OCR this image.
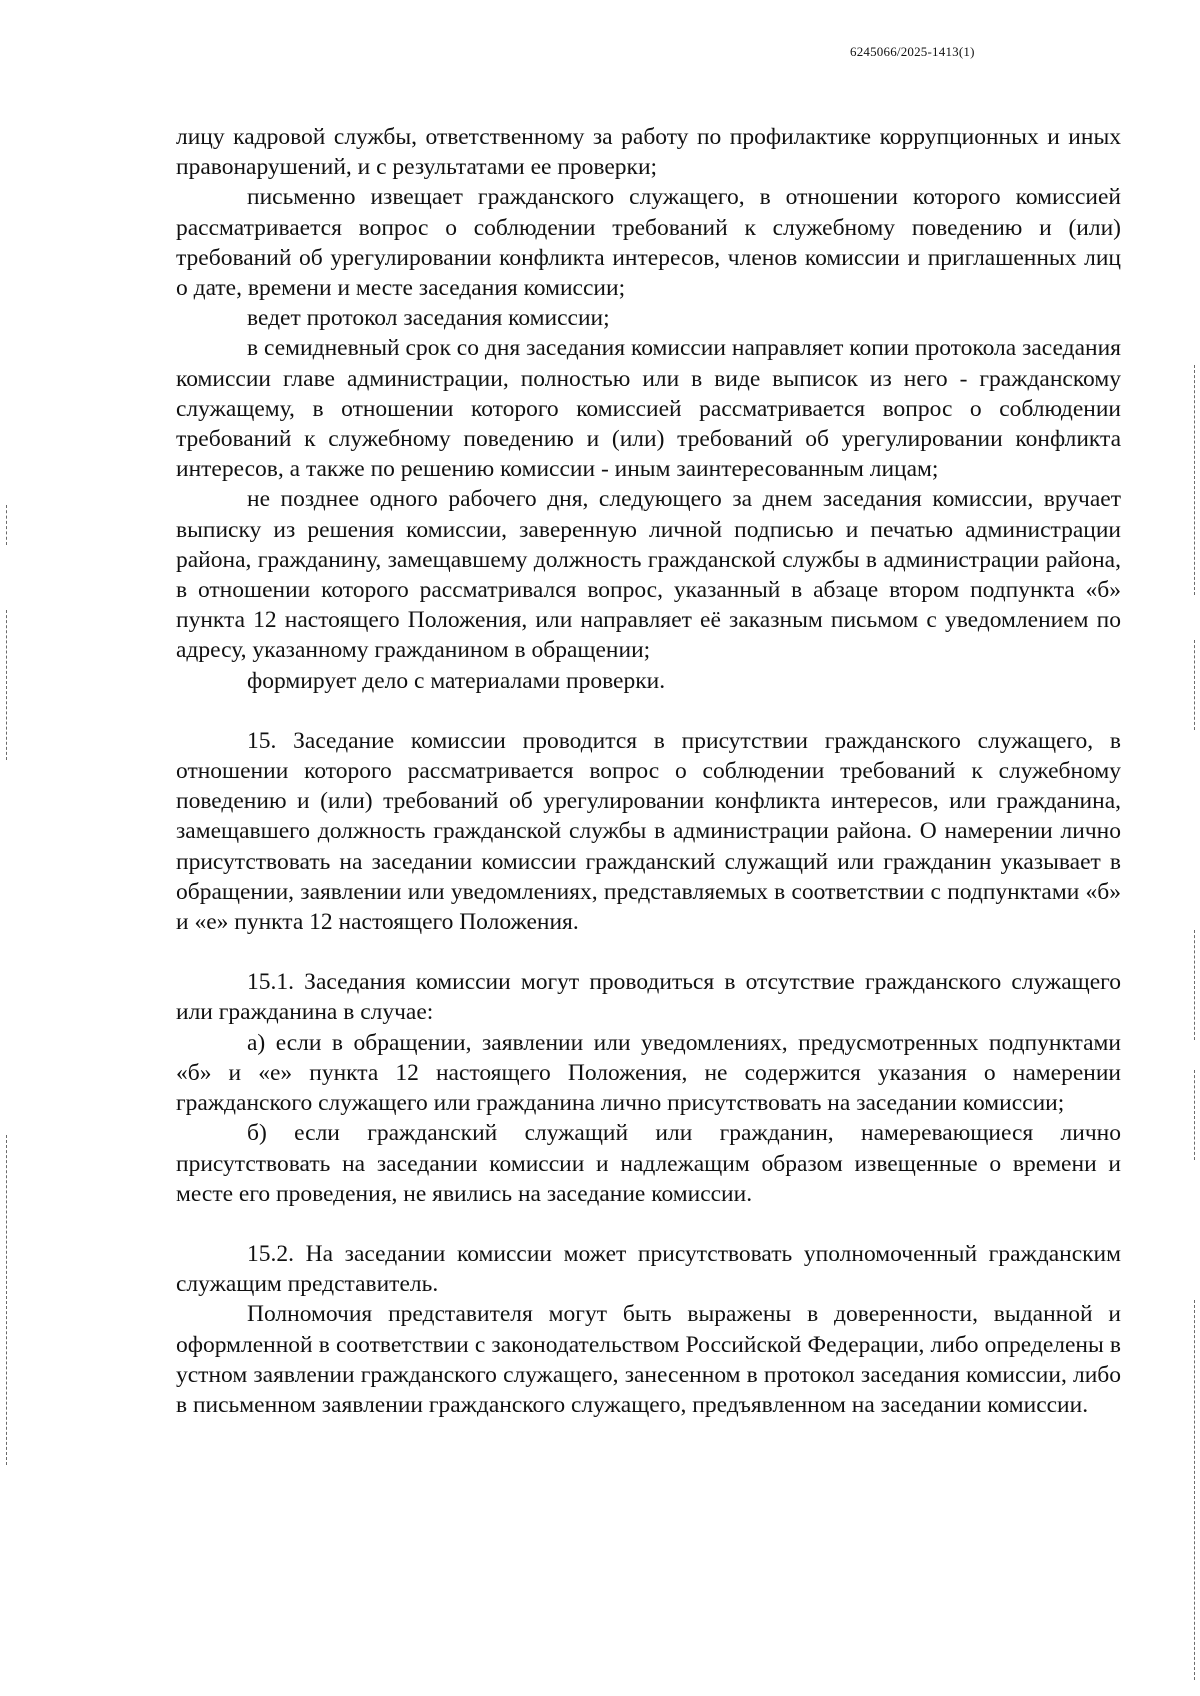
6245066/2025-1413(1)

лицу кадровой службы, ответственному за работу по профилактике коррупционных и иных правонарушений, и с результатами ее проверки;

письменно извещает гражданского служащего, в отношении которого комиссией рассматривается вопрос о соблюдении требований к служебному поведению и (или) требований об урегулировании конфликта интересов, членов комиссии и приглашенных лиц о дате, времени и месте заседания комиссии;

ведет протокол заседания комиссии;

в семидневный срок со дня заседания комиссии направляет копии протокола заседания комиссии главе администрации, полностью или в виде выписок из него - гражданскому служащему, в отношении которого комиссией рассматривается вопрос о соблюдении требований к служебному поведению и (или) требований об урегулировании конфликта интересов, а также по решению комиссии - иным заинтересованным лицам;

не позднее одного рабочего дня, следующего за днем заседания комиссии, вручает выписку из решения комиссии, заверенную личной подписью и печатью администрации района, гражданину, замещавшему должность гражданской службы в администрации района, в отношении которого рассматривался вопрос, указанный в абзаце втором подпункта «б» пункта 12 настоящего Положения, или направляет её заказным письмом с уведомлением по адресу, указанному гражданином в обращении;

формирует дело с материалами проверки.

15. Заседание комиссии проводится в присутствии гражданского служащего, в отношении которого рассматривается вопрос о соблюдении требований к служебному поведению и (или) требований об урегулировании конфликта интересов, или гражданина, замещавшего должность гражданской службы в администрации района. О намерении лично присутствовать на заседании комиссии гражданский служащий или гражданин указывает в обращении, заявлении или уведомлениях, представляемых в соответствии с подпунктами «б» и «е» пункта 12 настоящего Положения.

15.1. Заседания комиссии могут проводиться в отсутствие гражданского служащего или гражданина в случае:

а) если в обращении, заявлении или уведомлениях, предусмотренных подпунктами «б» и «е» пункта 12 настоящего Положения, не содержится указания о намерении гражданского служащего или гражданина лично присутствовать на заседании комиссии;

б) если гражданский служащий или гражданин, намеревающиеся лично присутствовать на заседании комиссии и надлежащим образом извещенные о времени и месте его проведения, не явились на заседание комиссии.

15.2. На заседании комиссии может присутствовать уполномоченный гражданским служащим представитель.

Полномочия представителя могут быть выражены в доверенности, выданной и оформленной в соответствии с законодательством Российской Федерации, либо определены в устном заявлении гражданского служащего, занесенном в протокол заседания комиссии, либо в письменном заявлении гражданского служащего, предъявленном на заседании комиссии.
